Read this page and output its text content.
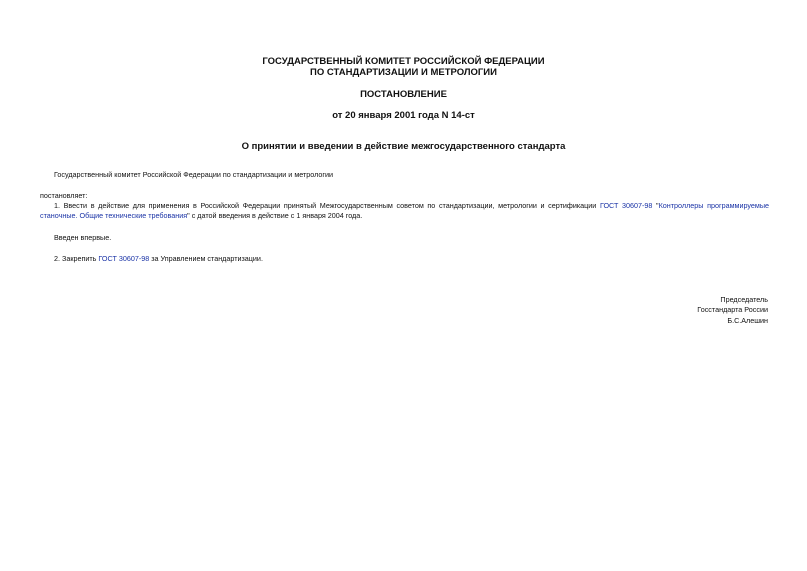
ГОСУДАРСТВЕННЫЙ КОМИТЕТ РОССИЙСКОЙ ФЕДЕРАЦИИ
ПО СТАНДАРТИЗАЦИИ И МЕТРОЛОГИИ
ПОСТАНОВЛЕНИЕ
от 20 января 2001 года N 14-ст
О принятии и введении в действие межгосударственного стандарта
Государственный комитет Российской Федерации по стандартизации и метрологии
постановляет:
1. Ввести в действие для применения в Российской Федерации принятый Межгосударственным советом по стандартизации, метрологии и сертификации ГОСТ 30607-98 "Контроллеры программируемые станочные. Общие технические требования" с датой введения в действие с 1 января 2004 года.
Введен впервые.
2. Закрепить ГОСТ 30607-98 за Управлением стандартизации.
Председатель
Госстандарта России
Б.С.Алешин
